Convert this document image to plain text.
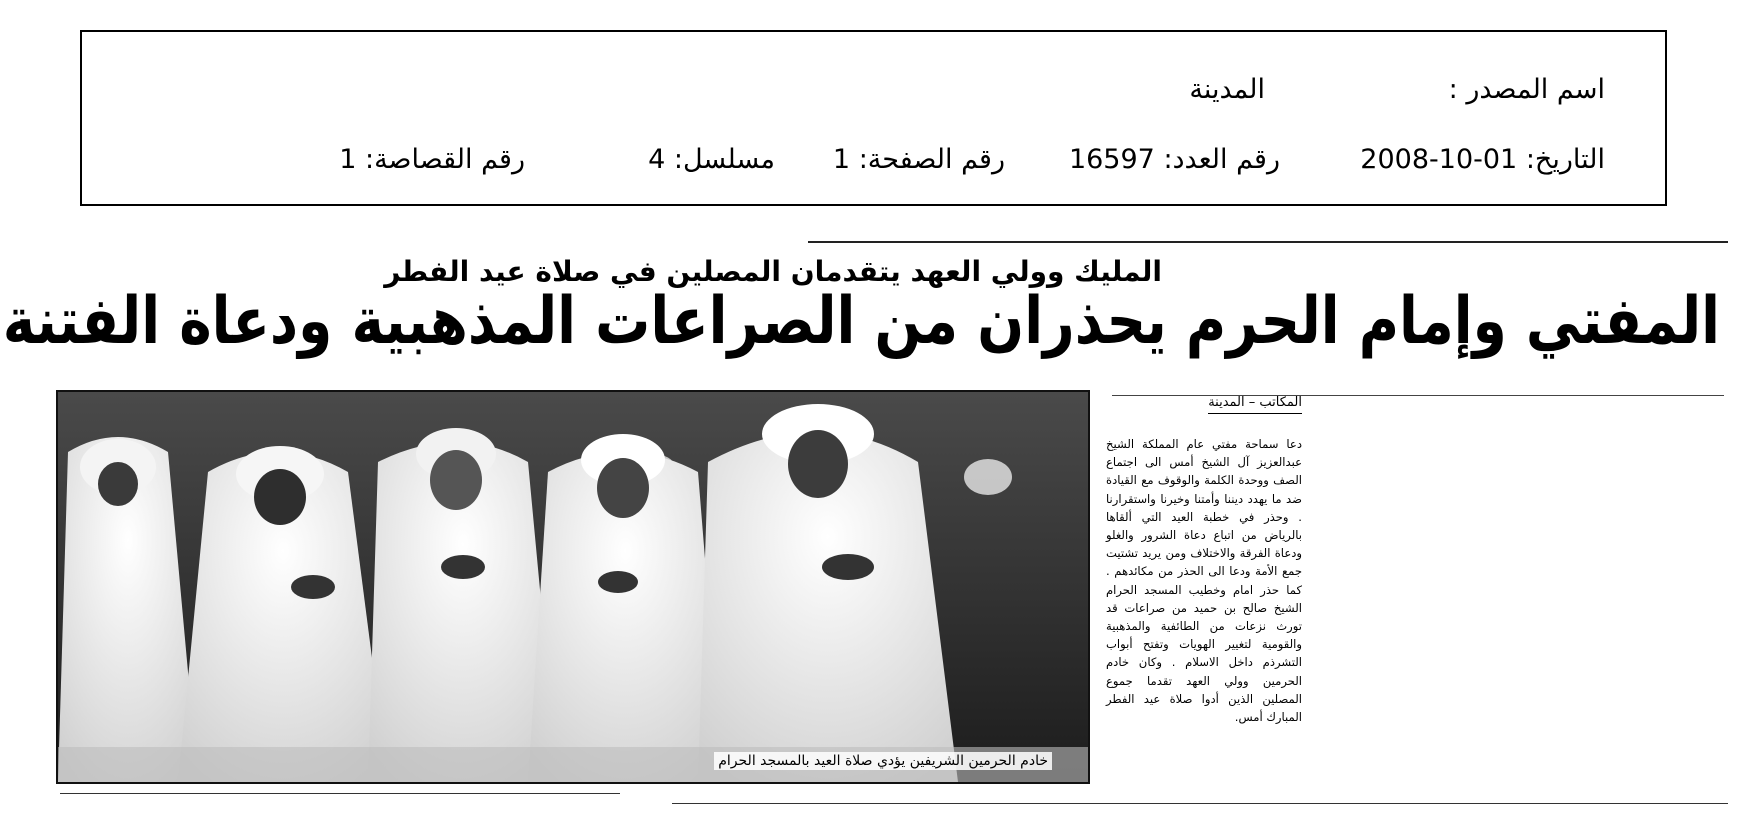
اسم المصدر :
المدينة
التاريخ: 01-10-2008
رقم العدد: 16597
رقم الصفحة: 1
مسلسل: 4
رقم القصاصة: 1
المليك وولي العهد يتقدمان المصلين في صلاة عيد الفطر
المفتي وإمام الحرم يحذران من الصراعات المذهبية ودعاة الفتنة
خادم الحرمين الشريفين يؤدي صلاة العيد بالمسجد الحرام
المكاتب – المدينة

دعا سماحة مفتي عام المملكة الشيخ عبدالعزيز آل الشيخ أمس الى اجتماع الصف ووحدة الكلمة والوقوف مع القيادة ضد ما يهدد ديننا وأمتنا وخيرنا واستقرارنا . وحذر في خطبة العيد التي ألقاها بالرياض من اتباع دعاة الشرور والغلو ودعاة الفرقة والاختلاف ومن يريد تشتيت جمع الأمة ودعا الى الحذر من مكائدهم . كما حذر امام وخطيب المسجد الحرام الشيخ صالح بن حميد من صراعات قد تورث نزعات من الطائفية والمذهبية والقومية لتغيير الهويات وتفتح أبواب التشرذم داخل الاسلام . وكان خادم الحرمين وولي العهد تقدما جموع المصلين الذين أدوا صلاة عيد الفطر المبارك أمس.
